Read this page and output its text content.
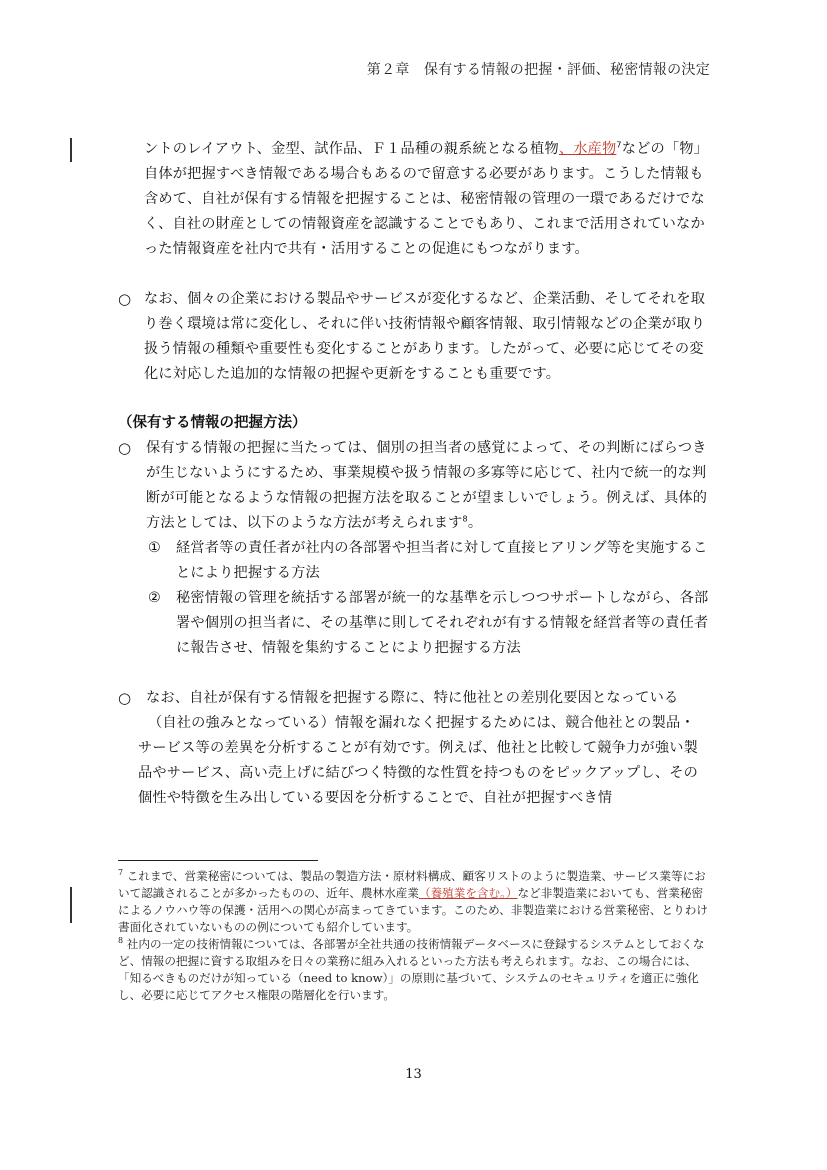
第２章　保有する情報の把握・評価、秘密情報の決定
ントのレイアウト、金型、試作品、Ｆ１品種の親系統となる植物、水産物$^7$などの「物」自体が把握すべき情報である場合もあるので留意する必要があります。こうした情報も含めて、自社が保有する情報を把握することは、秘密情報の管理の一環であるだけでなく、自社の財産としての情報資産を認識することでもあり、これまで活用されていなかった情報資産を社内で共有・活用することの促進にもつながります。
○ なお、個々の企業における製品やサービスが変化するなど、企業活動、そしてそれを取り巻く環境は常に変化し、それに伴い技術情報や顧客情報、取引情報などの企業が取り扱う情報の種類や重要性も変化することがあります。したがって、必要に応じてその変化に対応した追加的な情報の把握や更新をすることも重要です。
（保有する情報の把握方法）
○ 保有する情報の把握に当たっては、個別の担当者の感覚によって、その判断にばらつきが生じないようにするため、事業規模や扱う情報の多寡等に応じて、社内で統一的な判断が可能となるような情報の把握方法を取ることが望ましいでしょう。例えば、具体的方法としては、以下のような方法が考えられます$^8$。
① 経営者等の責任者が社内の各部署や担当者に対して直接ヒアリング等を実施することにより把握する方法
② 秘密情報の管理を統括する部署が統一的な基準を示しつつサポートしながら、各部署や個別の担当者に、その基準に則してそれぞれが有する情報を経営者等の責任者に報告させ、情報を集約することにより把握する方法
○ なお、自社が保有する情報を把握する際に、特に他社との差別化要因となっている
（自社の強みとなっている）情報を漏れなく把握するためには、競合他社との製品・
サービス等の差異を分析することが有効です。例えば、他社と比較して競争力が強い製品やサービス、高い売上げに結びつく特徴的な性質を持つものをピックアップし、その個性や特徴を生み出している要因を分析することで、自社が把握すべき情
$^7$ これまで、営業秘密については、製品の製造方法・原材料構成、顧客リストのように製造業、サービス業等において認識されることが多かったものの、近年、農林水産業（養殖業を含む。）など非製造業においても、営業秘密によるノウハウ等の保護・活用への関心が高まってきています。このため、非製造業における営業秘密、とりわけ書面化されていないものの例についても紹介しています。
$^8$ 社内の一定の技術情報については、各部署が全社共通の技術情報データベースに登録するシステムとしておくなど、情報の把握に資する取組みを日々の業務に組み入れるといった方法も考えられます。なお、この場合には、「知るべきものだけが知っている（need to know）」の原則に基づいて、システムのセキュリティを適正に強化し、必要に応じてアクセス権限の階層化を行います。
13
